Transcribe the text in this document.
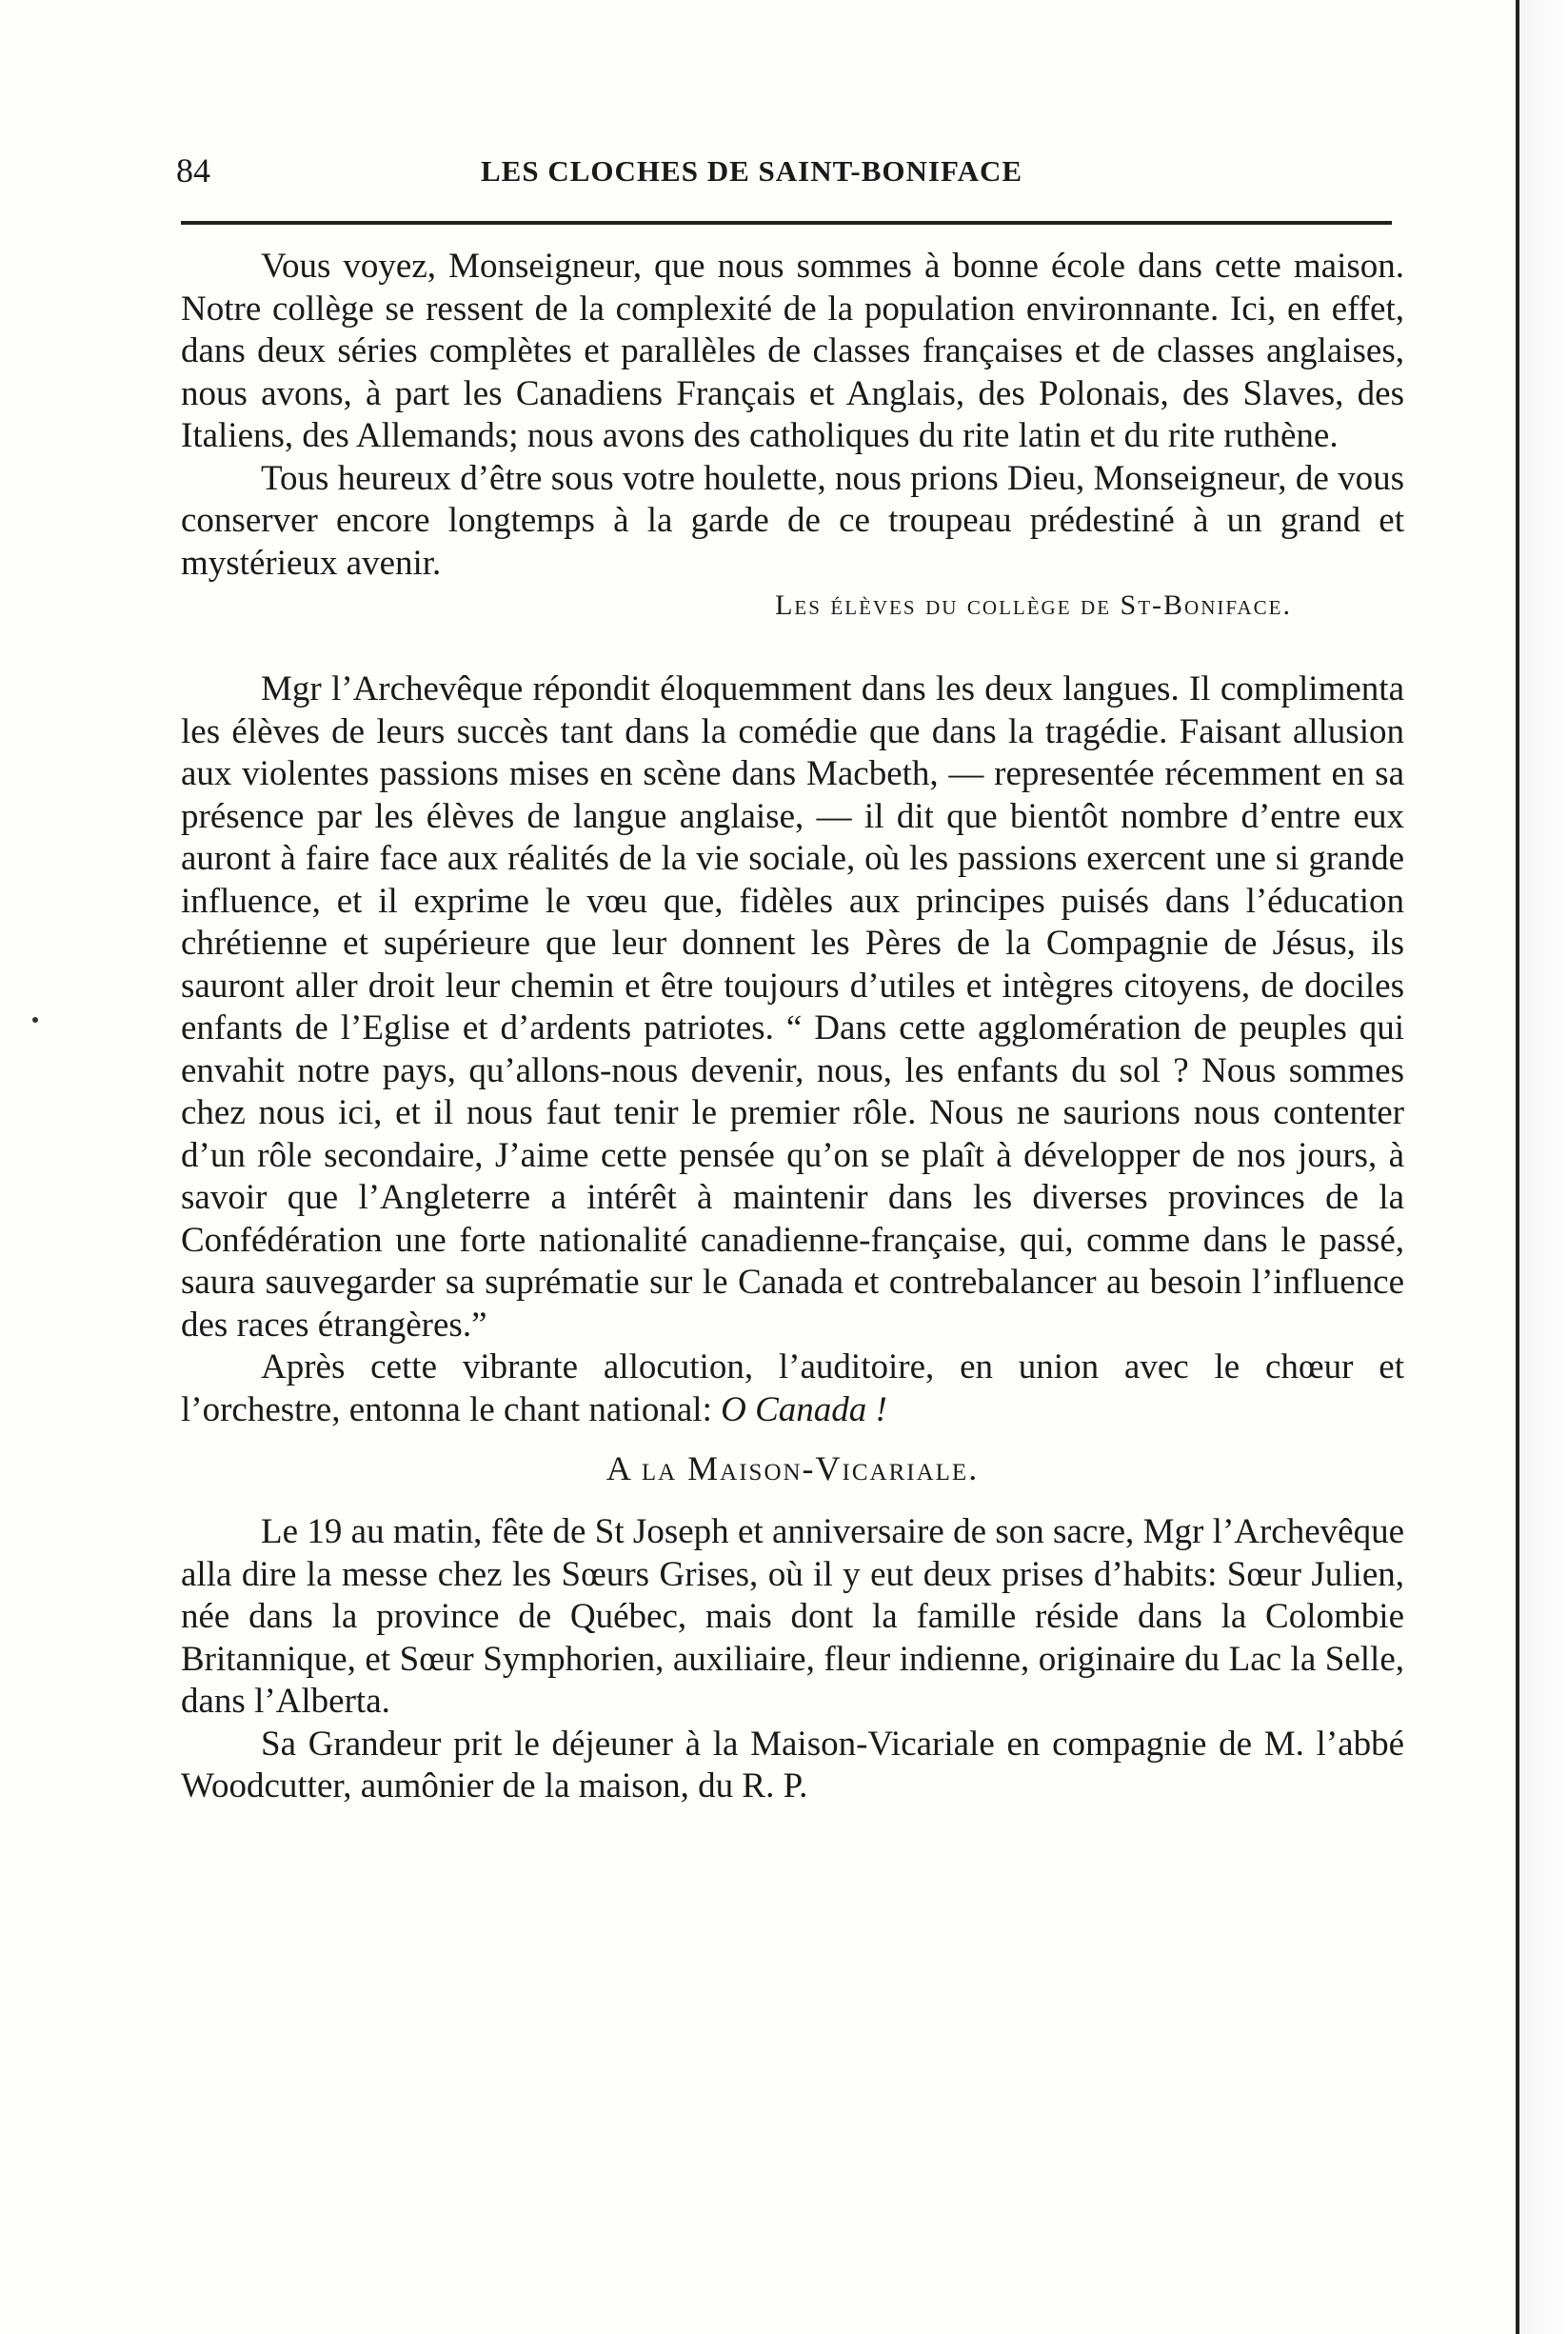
84	LES CLOCHES DE SAINT-BONIFACE

Vous voyez, Monseigneur, que nous sommes à bonne école dans cette maison. Notre collège se ressent de la complexité de la population environnante. Ici, en effet, dans deux séries complètes et parallèles de classes françaises et de classes anglaises, nous avons, à part les Canadiens Français et Anglais, des Polonais, des Slaves, des Italiens, des Allemands; nous avons des catholiques du rite latin et du rite ruthène.

Tous heureux d’être sous votre houlette, nous prions Dieu, Monseigneur, de vous conserver encore longtemps à la garde de ce troupeau prédestiné à un grand et mystérieux avenir.

Les élèves du collège de St-Boniface.

Mgr l’Archevêque répondit éloquemment dans les deux langues. Il complimenta les élèves de leurs succès tant dans la comédie que dans la tragédie. Faisant allusion aux violentes passions mises en scène dans Macbeth, — representée récemment en sa présence par les élèves de langue anglaise, — il dit que bientôt nombre d’entre eux auront à faire face aux réalités de la vie sociale, où les passions exercent une si grande influence, et il exprime le vœu que, fidèles aux principes puisés dans l’éducation chrétienne et supérieure que leur donnent les Pères de la Compagnie de Jésus, ils sauront aller droit leur chemin et être toujours d’utiles et intègres citoyens, de dociles enfants de l’Eglise et d’ardents patriotes. “ Dans cette agglomération de peuples qui envahit notre pays, qu’allons-nous devenir, nous, les enfants du sol ? Nous sommes chez nous ici, et il nous faut tenir le premier rôle. Nous ne saurions nous contenter d’un rôle secondaire, J’aime cette pensée qu’on se plaît à développer de nos jours, à savoir que l’Angleterre a intérêt à maintenir dans les diverses provinces de la Confédération une forte nationalité canadienne-française, qui, comme dans le passé, saura sauvegarder sa suprématie sur le Canada et contrebalancer au besoin l’influence des races étrangères.”

Après cette vibrante allocution, l’auditoire, en union avec le chœur et l’orchestre, entonna le chant national: O Canada !

A la Maison-Vicariale.

Le 19 au matin, fête de St Joseph et anniversaire de son sacre, Mgr l’Archevêque alla dire la messe chez les Sœurs Grises, où il y eut deux prises d’habits: Sœur Julien, née dans la province de Québec, mais dont la famille réside dans la Colombie Britannique, et Sœur Symphorien, auxiliaire, fleur indienne, originaire du Lac la Selle, dans l’Alberta.

Sa Grandeur prit le déjeuner à la Maison-Vicariale en compagnie de M. l’abbé Woodcutter, aumônier de la maison, du R. P.
